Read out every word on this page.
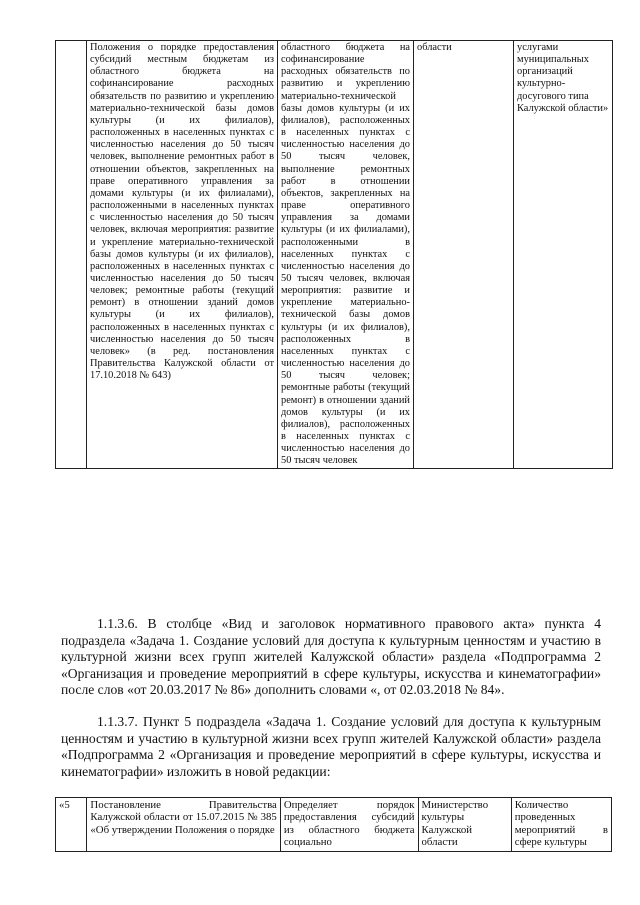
	Положения о порядке предоставления субсидий местным бюджетам из областного бюджета на софинансирование расходных обязательств по развитию и укреплению материально-технической базы домов культуры (и их филиалов), расположенных в населенных пунктах с численностью населения до 50 тысяч человек, выполнение ремонтных работ в отношении объектов, закрепленных на праве оперативного управления за домами культуры (и их филиалами), расположенными в населенных пунктах с численностью населения до 50 тысяч человек, включая мероприятия: развитие и укрепление материально-технической базы домов культуры (и их филиалов), расположенных в населенных пунктах с численностью населения до 50 тысяч человек; ремонтные работы (текущий ремонт) в отношении зданий домов культуры (и их филиалов), расположенных в населенных пунктах с численностью населения до 50 тысяч человек» (в ред. постановления Правительства Калужской области от 17.10.2018 № 643)	областного бюджета на софинансирование расходных обязательств по развитию и укреплению материально-технической базы домов культуры (и их филиалов), расположенных в населенных пунктах с численностью населения до 50 тысяч человек, выполнение ремонтных работ в отношении объектов, закрепленных на праве оперативного управления за домами культуры (и их филиалами), расположенными в населенных пунктах с численностью населения до 50 тысяч человек, включая мероприятия: развитие и укрепление материально-технической базы домов культуры (и их филиалов), расположенных в населенных пунктах с численностью населения до 50 тысяч человек; ремонтные работы (текущий ремонт) в отношении зданий домов культуры (и их филиалов), расположенных в населенных пунктах с численностью населения до 50 тысяч человек	области	услугами муниципальных организаций культурно-досугового типа Калужской области»

1.1.3.6. В столбце «Вид и заголовок нормативного правового акта» пункта 4 подраздела «Задача 1. Создание условий для доступа к культурным ценностям и участию в культурной жизни всех групп жителей Калужской области» раздела «Подпрограмма 2 «Организация и проведение мероприятий в сфере культуры, искусства и кинематографии» после слов «от 20.03.2017 № 86» дополнить словами «, от 02.03.2018 № 84».

1.1.3.7. Пункт 5 подраздела «Задача 1. Создание условий для доступа к культурным ценностям и участию в культурной жизни всех групп жителей Калужской области» раздела «Подпрограмма 2 «Организация и проведение мероприятий в сфере культуры, искусства и кинематографии» изложить в новой редакции:

«5	Постановление Правительства Калужской области от 15.07.2015 № 385 «Об утверждении Положения о порядке	Определяет порядок предоставления субсидий из областного бюджета социально	Министерство культуры Калужской области	Количество проведенных мероприятий в сфере культуры
